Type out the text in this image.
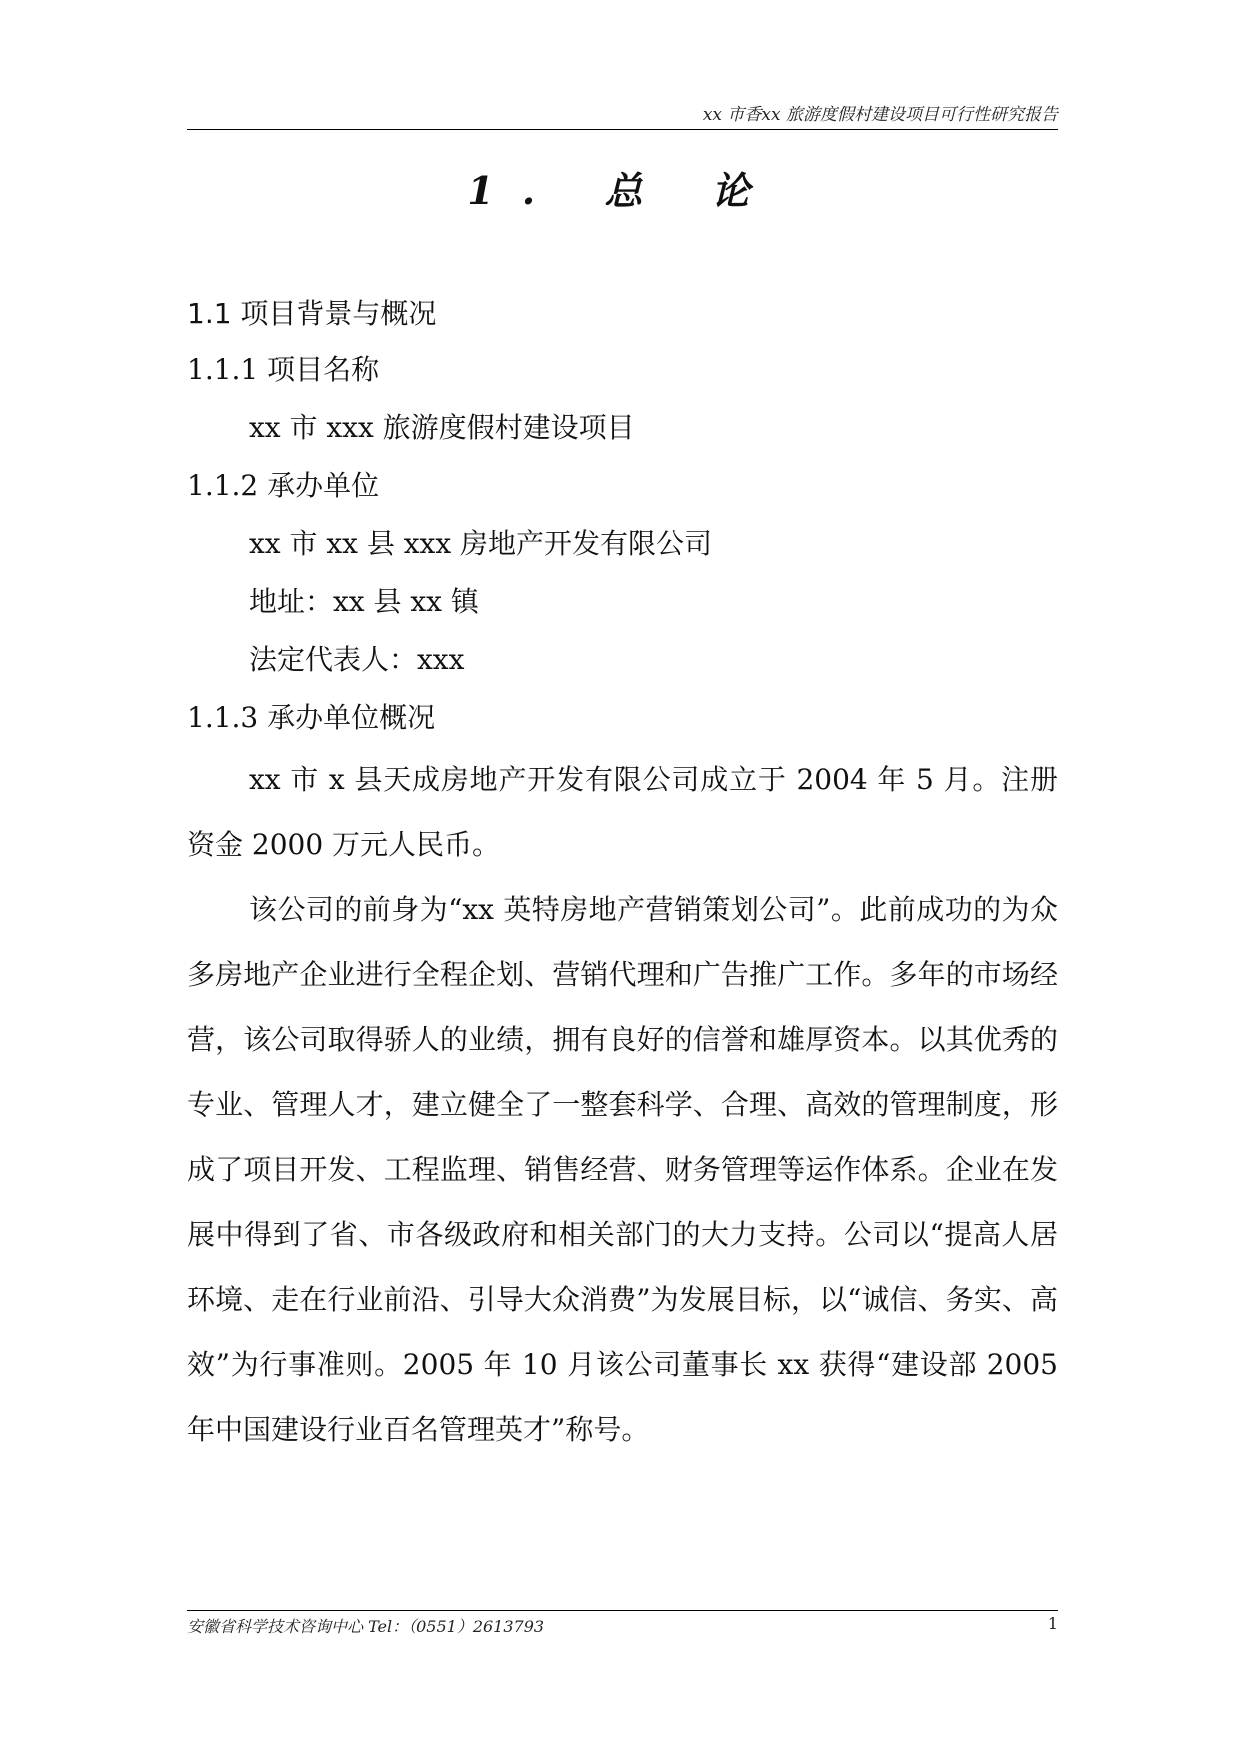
xx 市香xx 旅游度假村建设项目可行性研究报告
1. 总 论
1.1 项目背景与概况
1.1.1 项目名称
xx 市 xxx 旅游度假村建设项目
1.1.2 承办单位
xx 市 xx 县 xxx 房地产开发有限公司
地址：xx 县 xx 镇
法定代表人：xxx
1.1.3 承办单位概况
xx 市 x 县天成房地产开发有限公司成立于 2004 年 5 月。注册资金 2000 万元人民币。
该公司的前身为“xx 英特房地产营销策划公司”。此前成功的为众多房地产企业进行全程企划、营销代理和广告推广工作。多年的市场经营，该公司取得骄人的业绩，拥有良好的信誉和雄厚资本。以其优秀的专业、管理人才，建立健全了一整套科学、合理、高效的管理制度，形成了项目开发、工程监理、销售经营、财务管理等运作体系。企业在发展中得到了省、市各级政府和相关部门的大力支持。公司以“提高人居环境、走在行业前沿、引导大众消费”为发展目标，以“诚信、务实、高效”为行事准则。2005 年 10 月该公司董事长 xx 获得“建设部 2005 年中国建设行业百名管理英才”称号。
安徽省科学技术咨询中心 Tel：（0551）2613793	1
